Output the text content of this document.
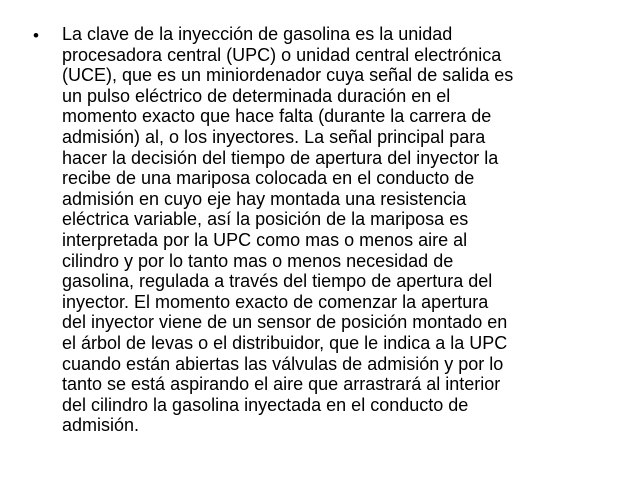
• La clave de la inyección de gasolina es la unidad
procesadora central (UPC) o unidad central electrónica
(UCE), que es un miniordenador cuya señal de salida es
un pulso eléctrico de determinada duración en el
momento exacto que hace falta (durante la carrera de
admisión) al, o los inyectores. La señal principal para
hacer la decisión del tiempo de apertura del inyector la
recibe de una mariposa colocada en el conducto de
admisión en cuyo eje hay montada una resistencia
eléctrica variable, así la posición de la mariposa es
interpretada por la UPC como mas o menos aire al
cilindro y por lo tanto mas o menos necesidad de
gasolina, regulada a través del tiempo de apertura del
inyector. El momento exacto de comenzar la apertura
del inyector viene de un sensor de posición montado en
el árbol de levas o el distribuidor, que le indica a la UPC
cuando están abiertas las válvulas de admisión y por lo
tanto se está aspirando el aire que arrastrará al interior
del cilindro la gasolina inyectada en el conducto de
admisión.
